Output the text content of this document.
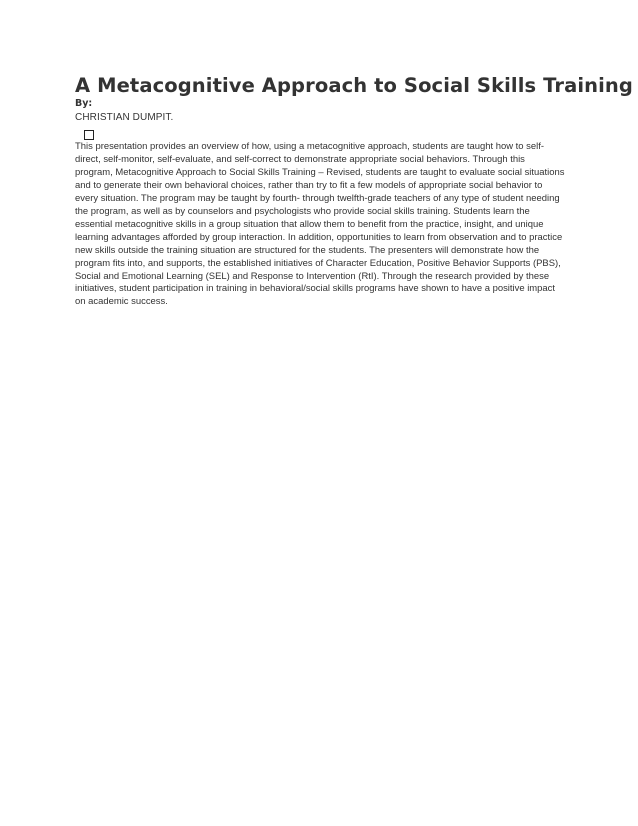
A Metacognitive Approach to Social Skills Training
By:
CHRISTIAN DUMPIT.

This presentation provides an overview of how, using a metacognitive approach, students are taught how to self-direct, self-monitor, self-evaluate, and self-correct to demonstrate appropriate social behaviors. Through this program, Metacognitive Approach to Social Skills Training – Revised, students are taught to evaluate social situations and to generate their own behavioral choices, rather than try to fit a few models of appropriate social behavior to every situation. The program may be taught by fourth- through twelfth-grade teachers of any type of student needing the program, as well as by counselors and psychologists who provide social skills training. Students learn the essential metacognitive skills in a group situation that allow them to benefit from the practice, insight, and unique learning advantages afforded by group interaction. In addition, opportunities to learn from observation and to practice new skills outside the training situation are structured for the students. The presenters will demonstrate how the program fits into, and supports, the established initiatives of Character Education, Positive Behavior Supports (PBS), Social and Emotional Learning (SEL) and Response to Intervention (RtI). Through the research provided by these initiatives, student participation in training in behavioral/social skills programs have shown to have a positive impact on academic success.
